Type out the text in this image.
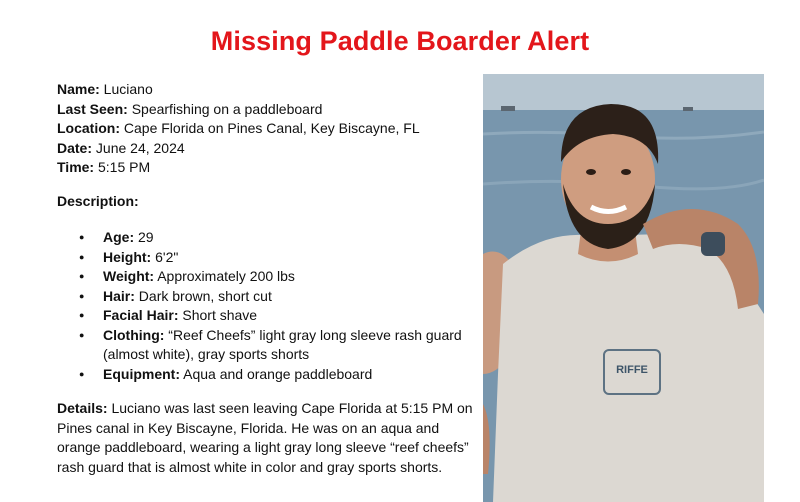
Missing Paddle Boarder Alert
Name: Luciano
Last Seen: Spearfishing on a paddleboard
Location: Cape Florida on Pines Canal, Key Biscayne, FL
Date: June 24, 2024
Time: 5:15 PM
Description:
● Age: 29
● Height: 6'2"
● Weight: Approximately 200 lbs
● Hair: Dark brown, short cut
● Facial Hair: Short shave
● Clothing: “Reef Cheefs” light gray long sleeve rash guard (almost white), gray sports shorts
● Equipment: Aqua and orange paddleboard
Details: Luciano was last seen leaving Cape Florida at 5:15 PM on Pines canal in Key Biscayne, Florida. He was on an aqua and orange paddleboard, wearing a light gray long sleeve “reef cheefs” rash guard that is almost white in color and gray sports shorts.
RIFFE
